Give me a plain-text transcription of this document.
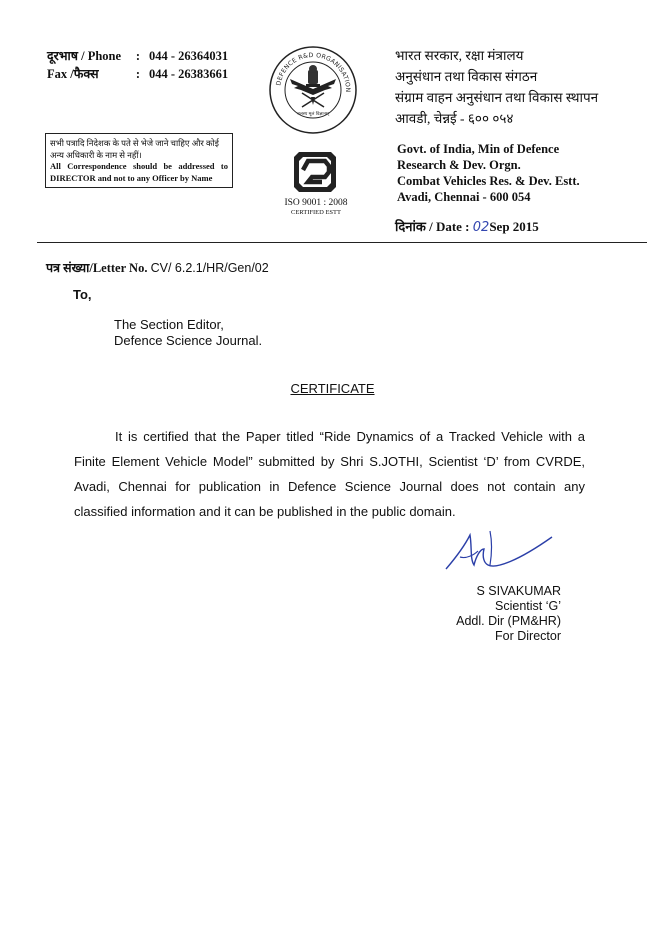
दूरभाष / Phone : 044 - 26364031
Fax /फैक्स	: 044 - 26383661
सभी पत्रादि निदेशक के पते से भेजे जाने चाहिए और कोई अन्य अधिकारी के नाम से नहीं।
All Correspondence should be addressed to DIRECTOR and not to any Officer by Name
DEFENCE R&D ORGANISATION
बलस्य मूलं विज्ञानम्
ISO 9001 : 2008
CERTIFIED ESTT
भारत सरकार, रक्षा मंत्रालय
अनुसंधान तथा विकास संगठन
संग्राम वाहन अनुसंधान तथा विकास स्थापन
आवडी, चेन्नई - ६०० ०५४
Govt. of India, Min of Defence
Research & Dev. Orgn.
Combat Vehicles Res. & Dev. Estt.
Avadi, Chennai - 600 054
दिनांक / Date : 02Sep 2015
पत्र संख्या/Letter No. CV/ 6.2.1/HR/Gen/02
To,
The Section Editor,
Defence Science Journal.
CERTIFICATE
It is certified that the Paper titled “Ride Dynamics of a Tracked Vehicle with a Finite Element Vehicle Model” submitted by Shri S.JOTHI, Scientist ‘D’ from CVRDE, Avadi, Chennai for publication in Defence Science Journal does not contain any classified information and it can be published in the public domain.
S SIVAKUMAR
Scientist ‘G’
Addl. Dir (PM&HR)
For Director
